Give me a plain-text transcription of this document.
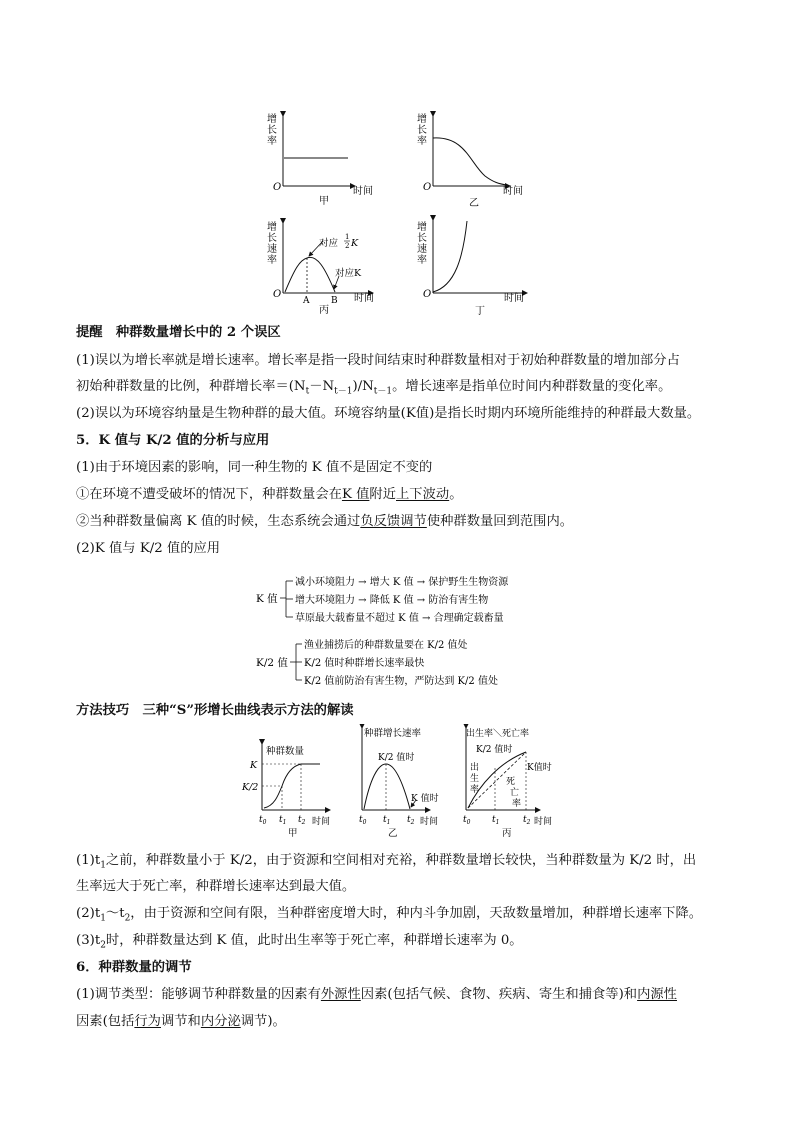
增
长
率
O	时间
甲
增
长
率
O	时间
乙
增
长
速
率
对应
1
2 K
对应K
A B
O	时间
丙
增
长
速
率
O	时间
丁
提醒　种群数量增长中的 2 个误区
(1)误以为增长率就是增长速率。增长率是指一段时间结束时种群数量相对于初始种群数量的增加部分占
初始种群数量的比例，种群增长率$=(N_t-N_{t-1})/N_{t-1}$。增长速率是指单位时间内种群数量的变化率。
(2)误以为环境容纳量是生物种群的最大值。环境容纳量(K值)是指长时期内环境所能维持的种群最大数量。
5．K 值与 K/2 值的分析与应用
(1)由于环境因素的影响，同一种生物的 K 值不是固定不变的
①在环境不遭受破坏的情况下，种群数量会在K 值附近上下波动。
②当种群数量偏离 K 值的时候，生态系统会通过负反馈调节使种群数量回到范围内。
(2)K 值与 K/2 值的应用
K 值
减小环境阻力 → 增大 K 值 → 保护野生生物资源
增大环境阻力 → 降低 K 值 → 防治有害生物
草原最大载畜量不超过 K 值 → 合理确定载畜量
K/2 值
渔业捕捞后的种群数量要在 K/2 值处
K/2 值时种群增长速率最快
K/2 值前防治有害生物，严防达到 K/2 值处
方法技巧　三种“S”形增长曲线表示方法的解读
种群数量
K
K/2
$t_0$ $t_1$ $t_2$ 时间
甲
种群增长速率
K/2 值时
K 值时
$t_0$ $t_1$ $t_2$ 时间
乙
出生率＼死亡率
K/2 值时
K值时
出
生
率
死
亡
率
$t_0$ $t_1$	$t_2$ 时间
丙
$(1)t_1$之前，种群数量小于 K/2，由于资源和空间相对充裕，种群数量增长较快，当种群数量为 K/2 时，出
生率远大于死亡率，种群增长速率达到最大值。
$(2)t_1\sim t_2$，由于资源和空间有限，当种群密度增大时，种内斗争加剧，天敌数量增加，种群增长速率下降。
$(3)t_2$时，种群数量达到 K 值，此时出生率等于死亡率，种群增长速率为 0。
6．种群数量的调节
(1)调节类型：能够调节种群数量的因素有外源性因素(包括气候、食物、疾病、寄生和捕食等)和内源性
因素(包括行为调节和内分泌调节)。
